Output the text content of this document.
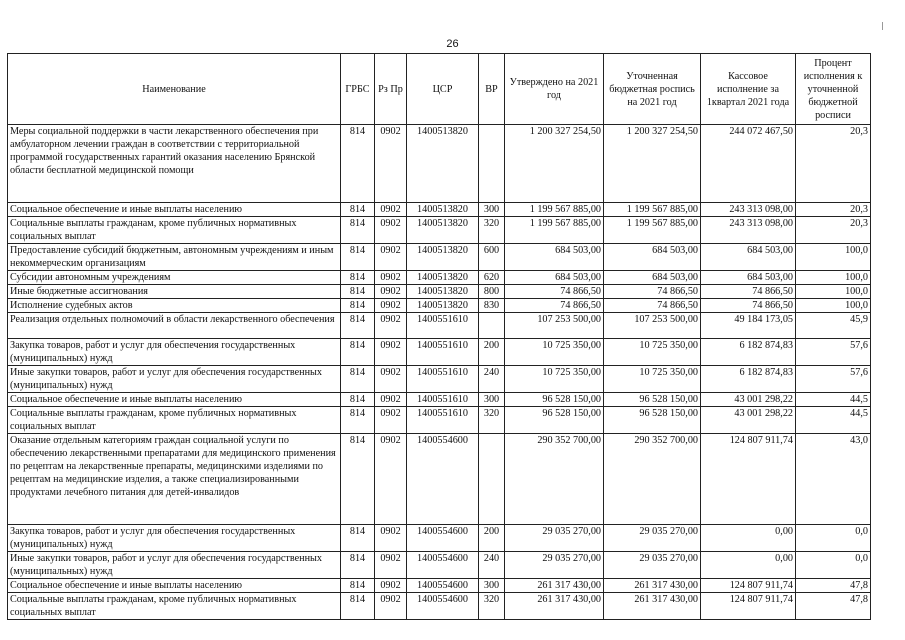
26
Наименование	ГРБС	Рз Пр	ЦСР	ВР	Утверждено на 2021 год	Уточненная бюджетная роспись на 2021 год	Кассовое исполнение за 1квартал 2021 года	Процент исполнения к уточненной бюджетной росписи
Меры социальной поддержки в части лекарственного обеспечения при амбулаторном лечении граждан в соответствии с территориальной программой государственных гарантий оказания населению Брянской области бесплатной медицинской помощи	814	0902	1400513820		1 200 327 254,50	1 200 327 254,50	244 072 467,50	20,3
Социальное обеспечение и иные выплаты населению	814	0902	1400513820	300	1 199 567 885,00	1 199 567 885,00	243 313 098,00	20,3
Социальные выплаты гражданам, кроме публичных нормативных социальных выплат	814	0902	1400513820	320	1 199 567 885,00	1 199 567 885,00	243 313 098,00	20,3
Предоставление субсидий бюджетным, автономным учреждениям и иным некоммерческим организациям	814	0902	1400513820	600	684 503,00	684 503,00	684 503,00	100,0
Субсидии автономным учреждениям	814	0902	1400513820	620	684 503,00	684 503,00	684 503,00	100,0
Иные бюджетные ассигнования	814	0902	1400513820	800	74 866,50	74 866,50	74 866,50	100,0
Исполнение судебных актов	814	0902	1400513820	830	74 866,50	74 866,50	74 866,50	100,0
Реализация отдельных полномочий в области лекарственного обеспечения	814	0902	1400551610		107 253 500,00	107 253 500,00	49 184 173,05	45,9
Закупка товаров, работ и услуг для обеспечения государственных (муниципальных) нужд	814	0902	1400551610	200	10 725 350,00	10 725 350,00	6 182 874,83	57,6
Иные закупки товаров, работ и услуг для обеспечения государственных (муниципальных) нужд	814	0902	1400551610	240	10 725 350,00	10 725 350,00	6 182 874,83	57,6
Социальное обеспечение и иные выплаты населению	814	0902	1400551610	300	96 528 150,00	96 528 150,00	43 001 298,22	44,5
Социальные выплаты гражданам, кроме публичных нормативных социальных выплат	814	0902	1400551610	320	96 528 150,00	96 528 150,00	43 001 298,22	44,5
Оказание отдельным категориям граждан социальной услуги по обеспечению лекарственными препаратами для медицинского применения по рецептам на лекарственные препараты, медицинскими изделиями по рецептам на медицинские изделия, а также специализированными продуктами лечебного питания для детей-инвалидов	814	0902	1400554600		290 352 700,00	290 352 700,00	124 807 911,74	43,0
Закупка товаров, работ и услуг для обеспечения государственных (муниципальных) нужд	814	0902	1400554600	200	29 035 270,00	29 035 270,00	0,00	0,0
Иные закупки товаров, работ и услуг для обеспечения государственных (муниципальных) нужд	814	0902	1400554600	240	29 035 270,00	29 035 270,00	0,00	0,0
Социальное обеспечение и иные выплаты населению	814	0902	1400554600	300	261 317 430,00	261 317 430,00	124 807 911,74	47,8
Социальные выплаты гражданам, кроме публичных нормативных социальных выплат	814	0902	1400554600	320	261 317 430,00	261 317 430,00	124 807 911,74	47,8
